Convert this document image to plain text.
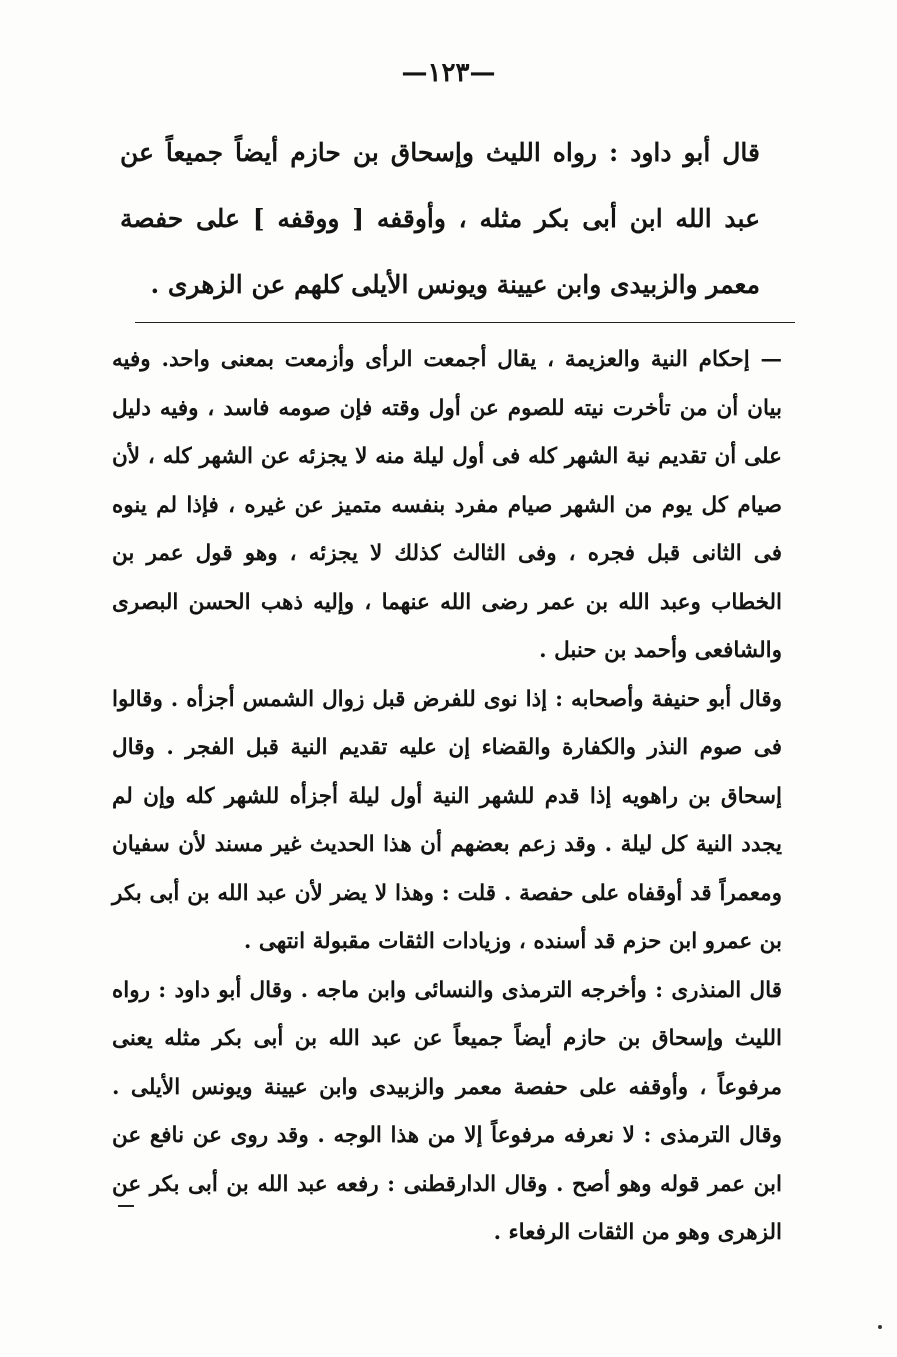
—١٢٣—
قال أبو داود : رواه الليث وإسحاق بن حازم أيضاً جميعاً عن عبد الله ابن أبى بكر مثله ، وأوقفه [ ووقفه ] على حفصة معمر والزبيدى وابن عيينة ويونس الأيلى كلهم عن الزهرى .

— إحكام النية والعزيمة ، يقال أجمعت الرأى وأزمعت بمعنى واحد. وفيه بيان أن من تأخرت نيته للصوم عن أول وقته فإن صومه فاسد ، وفيه دليل على أن تقديم نية الشهر كله فى أول ليلة منه لا يجزئه عن الشهر كله ، لأن صيام كل يوم من الشهر صيام مفرد بنفسه متميز عن غيره ، فإذا لم ينوه فى الثانى قبل فجره ، وفى الثالث كذلك لا يجزئه ، وهو قول عمر بن الخطاب وعبد الله بن عمر رضى الله عنهما ، وإليه ذهب الحسن البصرى والشافعى وأحمد بن حنبل .

وقال أبو حنيفة وأصحابه : إذا نوى للفرض قبل زوال الشمس أجزأه . وقالوا فى صوم النذر والكفارة والقضاء إن عليه تقديم النية قبل الفجر . وقال إسحاق بن راهويه إذا قدم للشهر النية أول ليلة أجزأه للشهر كله وإن لم يجدد النية كل ليلة . وقد زعم بعضهم أن هذا الحديث غير مسند لأن سفيان ومعمراً قد أوقفاه على حفصة . قلت : وهذا لا يضر لأن عبد الله بن أبى بكر بن عمرو ابن حزم قد أسنده ، وزيادات الثقات مقبولة انتهى .

قال المنذرى : وأخرجه الترمذى والنسائى وابن ماجه . وقال أبو داود : رواه الليث وإسحاق بن حازم أيضاً جميعاً عن عبد الله بن أبى بكر مثله يعنى مرفوعاً ، وأوقفه على حفصة معمر والزبيدى وابن عيينة ويونس الأيلى . وقال الترمذى : لا نعرفه مرفوعاً إلا من هذا الوجه . وقد روى عن نافع عن ابن عمر قوله وهو أصح . وقال الدارقطنى : رفعه عبد الله بن أبى بكر عن الزهرى وهو من الثقات الرفعاء .
